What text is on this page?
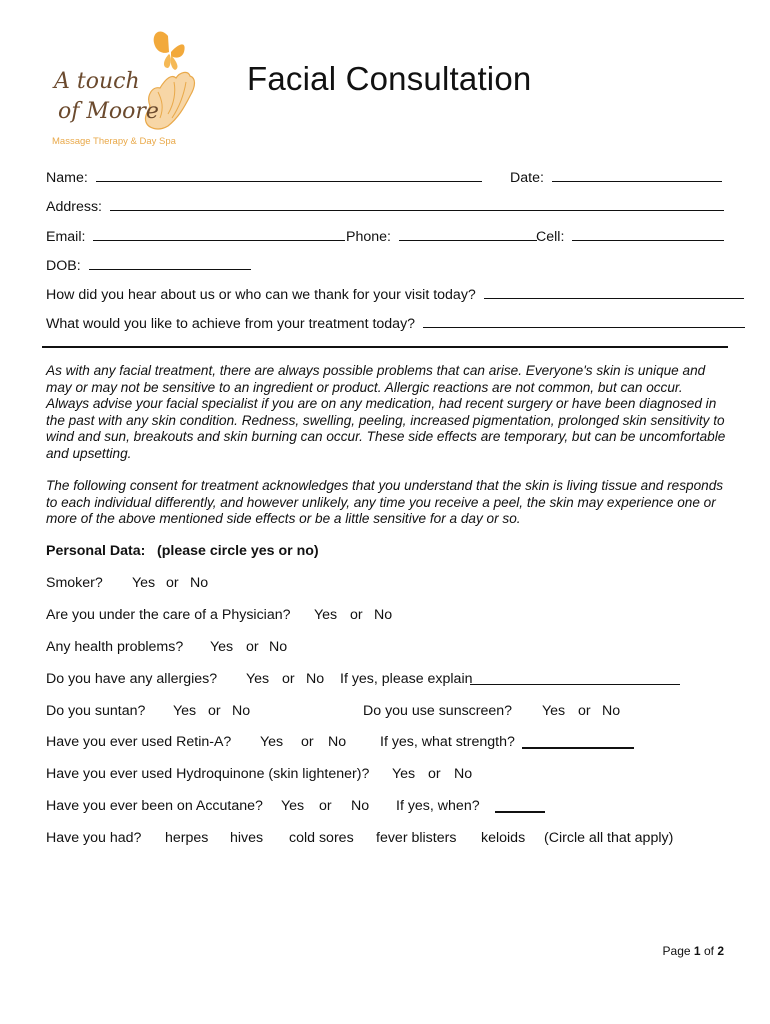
A touch
of Moore
Massage Therapy & Day Spa
Facial Consultation
Name:	Date:
Address:
Email:	Phone:	Cell:
DOB:
How did you hear about us or who can we thank for your visit today?
What would you like to achieve from your treatment today?
As with any facial treatment, there are always possible problems that can arise. Everyone's skin is unique and may or may not be sensitive to an ingredient or product. Allergic reactions are not common, but can occur. Always advise your facial specialist if you are on any medication, had recent surgery or have been diagnosed in the past with any skin condition. Redness, swelling, peeling, increased pigmentation, prolonged skin sensitivity to wind and sun, breakouts and skin burning can occur. These side effects are temporary, but can be uncomfortable and upsetting.
The following consent for treatment acknowledges that you understand that the skin is living tissue and responds to each individual differently, and however unlikely, any time you receive a peel, the skin may experience one or more of the above mentioned side effects or be a little sensitive for a day or so.
Personal Data: (please circle yes or no)
Smoker? Yes or No
Are you under the care of a Physician? Yes or No
Any health problems? Yes or No
Do you have any allergies? Yes or No If yes, please explain
Do you suntan? Yes or No	Do you use sunscreen? Yes or No
Have you ever used Retin-A? Yes or No If yes, what strength?
Have you ever used Hydroquinone (skin lightener)? Yes or No
Have you ever been on Accutane? Yes or No If yes, when?
Have you had? herpes hives cold sores fever blisters keloids (Circle all that apply)
Page 1 of 2
